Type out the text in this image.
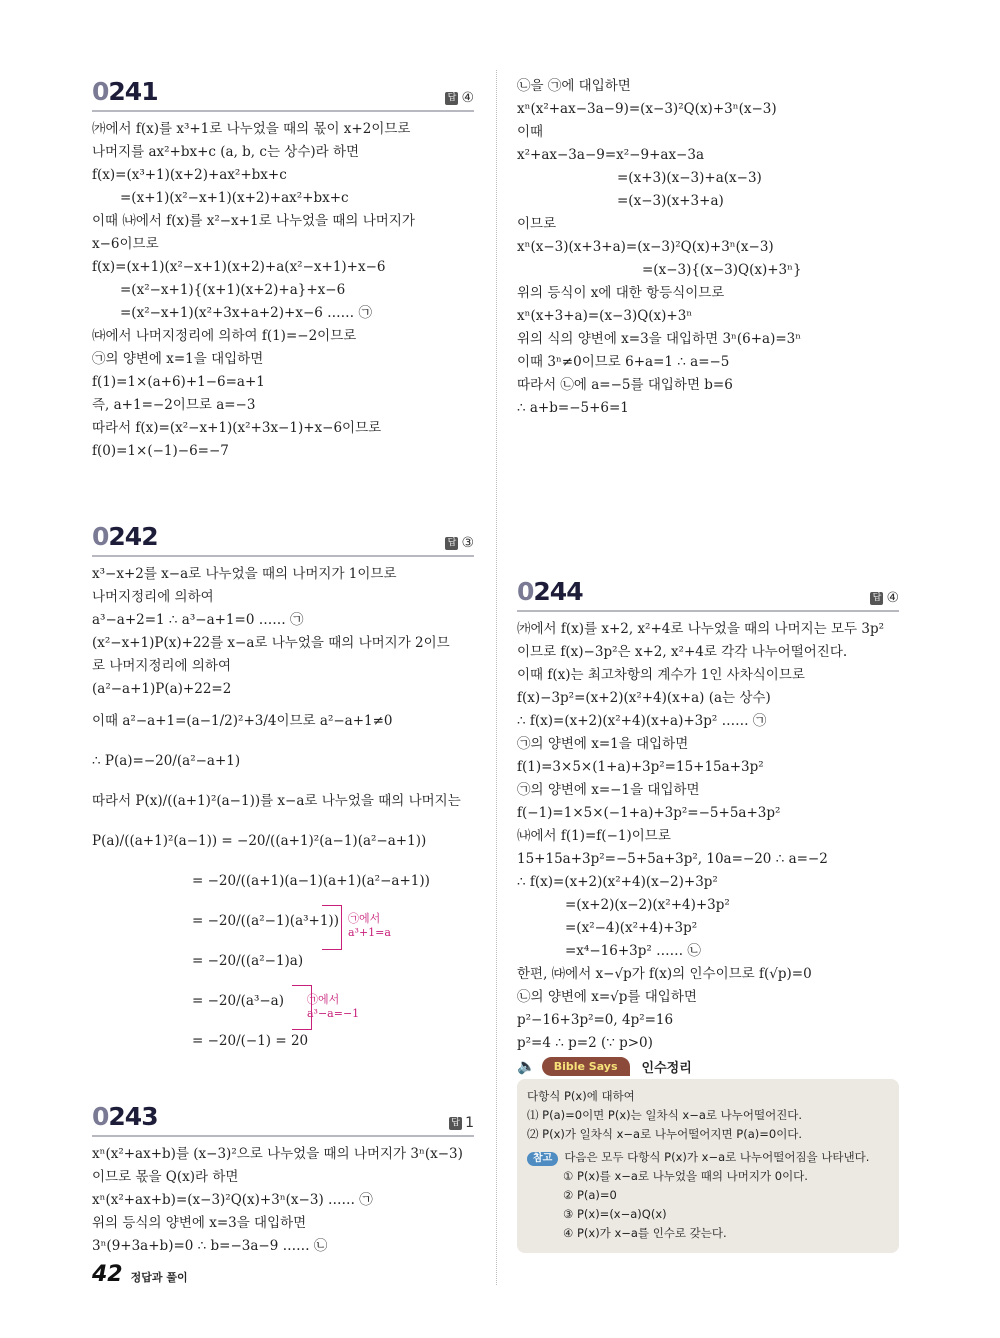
0241	답 ④
㈎에서 f(x)를 x³+1로 나누었을 때의 몫이 x+2이므로
나머지를 ax²+bx+c (a, b, c는 상수)라 하면
f(x)=(x³+1)(x+2)+ax²+bx+c
=(x+1)(x²−x+1)(x+2)+ax²+bx+c
이때 ㈏에서 f(x)를 x²−x+1로 나누었을 때의 나머지가
x−6이므로
f(x)=(x+1)(x²−x+1)(x+2)+a(x²−x+1)+x−6
=(x²−x+1){(x+1)(x+2)+a}+x−6
=(x²−x+1)(x²+3x+a+2)+x−6 …… ㉠
㈐에서 나머지정리에 의하여 f(1)=−2이므로
㉠의 양변에 x=1을 대입하면
f(1)=1×(a+6)+1−6=a+1
즉, a+1=−2이므로 a=−3
따라서 f(x)=(x²−x+1)(x²+3x−1)+x−6이므로
f(0)=1×(−1)−6=−7
0242	답 ③
x³−x+2를 x−a로 나누었을 때의 나머지가 1이므로
나머지정리에 의하여
a³−a+2=1 ∴ a³−a+1=0 …… ㉠
(x²−x+1)P(x)+22를 x−a로 나누었을 때의 나머지가 2이므
로 나머지정리에 의하여
(a²−a+1)P(a)+22=2
이때 a²−a+1=(a−1/2)²+3/4이므로 a²−a+1≠0
∴ P(a)=−20/(a²−a+1)
따라서 P(x)/((a+1)²(a−1))를 x−a로 나누었을 때의 나머지는
P(a)/((a+1)²(a−1)) = −20/((a+1)²(a−1)(a²−a+1))
= −20/((a+1)(a−1)(a+1)(a²−a+1))
= −20/((a²−1)(a³+1))
= −20/((a²−1)a)
= −20/(a³−a)
= −20/(−1) = 20
㉠에서
a³+1=a
㉠에서
a³−a=−1
0243	답 1
xⁿ(x²+ax+b)를 (x−3)²으로 나누었을 때의 나머지가 3ⁿ(x−3)
이므로 몫을 Q(x)라 하면
xⁿ(x²+ax+b)=(x−3)²Q(x)+3ⁿ(x−3) …… ㉠
위의 등식의 양변에 x=3을 대입하면
3ⁿ(9+3a+b)=0 ∴ b=−3a−9 …… ㉡
㉡을 ㉠에 대입하면
xⁿ(x²+ax−3a−9)=(x−3)²Q(x)+3ⁿ(x−3)
이때
x²+ax−3a−9=x²−9+ax−3a
=(x+3)(x−3)+a(x−3)
=(x−3)(x+3+a)
이므로
xⁿ(x−3)(x+3+a)=(x−3)²Q(x)+3ⁿ(x−3)
=(x−3){(x−3)Q(x)+3ⁿ}
위의 등식이 x에 대한 항등식이므로
xⁿ(x+3+a)=(x−3)Q(x)+3ⁿ
위의 식의 양변에 x=3을 대입하면 3ⁿ(6+a)=3ⁿ
이때 3ⁿ≠0이므로 6+a=1 ∴ a=−5
따라서 ㉡에 a=−5를 대입하면 b=6
∴ a+b=−5+6=1
0244	답 ④
㈎에서 f(x)를 x+2, x²+4로 나누었을 때의 나머지는 모두 3p²
이므로 f(x)−3p²은 x+2, x²+4로 각각 나누어떨어진다.
이때 f(x)는 최고차항의 계수가 1인 사차식이므로
f(x)−3p²=(x+2)(x²+4)(x+a) (a는 상수)
∴ f(x)=(x+2)(x²+4)(x+a)+3p² …… ㉠
㉠의 양변에 x=1을 대입하면
f(1)=3×5×(1+a)+3p²=15+15a+3p²
㉠의 양변에 x=−1을 대입하면
f(−1)=1×5×(−1+a)+3p²=−5+5a+3p²
㈏에서 f(1)=f(−1)이므로
15+15a+3p²=−5+5a+3p², 10a=−20 ∴ a=−2
∴ f(x)=(x+2)(x²+4)(x−2)+3p²
=(x+2)(x−2)(x²+4)+3p²
=(x²−4)(x²+4)+3p²
=x⁴−16+3p² …… ㉡
한편, ㈐에서 x−√p가 f(x)의 인수이므로 f(√p)=0
㉡의 양변에 x=√p를 대입하면
p²−16+3p²=0, 4p²=16
p²=4 ∴ p=2 (∵ p>0)
🔈	Bible Says	인수정리
다항식 P(x)에 대하여
⑴ P(a)=0이면 P(x)는 일차식 x−a로 나누어떨어진다.
⑵ P(x)가 일차식 x−a로 나누어떨어지면 P(a)=0이다.
참고 다음은 모두 다항식 P(x)가 x−a로 나누어떨어짐을 나타낸다.
① P(x)를 x−a로 나누었을 때의 나머지가 0이다.
② P(a)=0
③ P(x)=(x−a)Q(x)
④ P(x)가 x−a를 인수로 갖는다.
42 정답과 풀이
